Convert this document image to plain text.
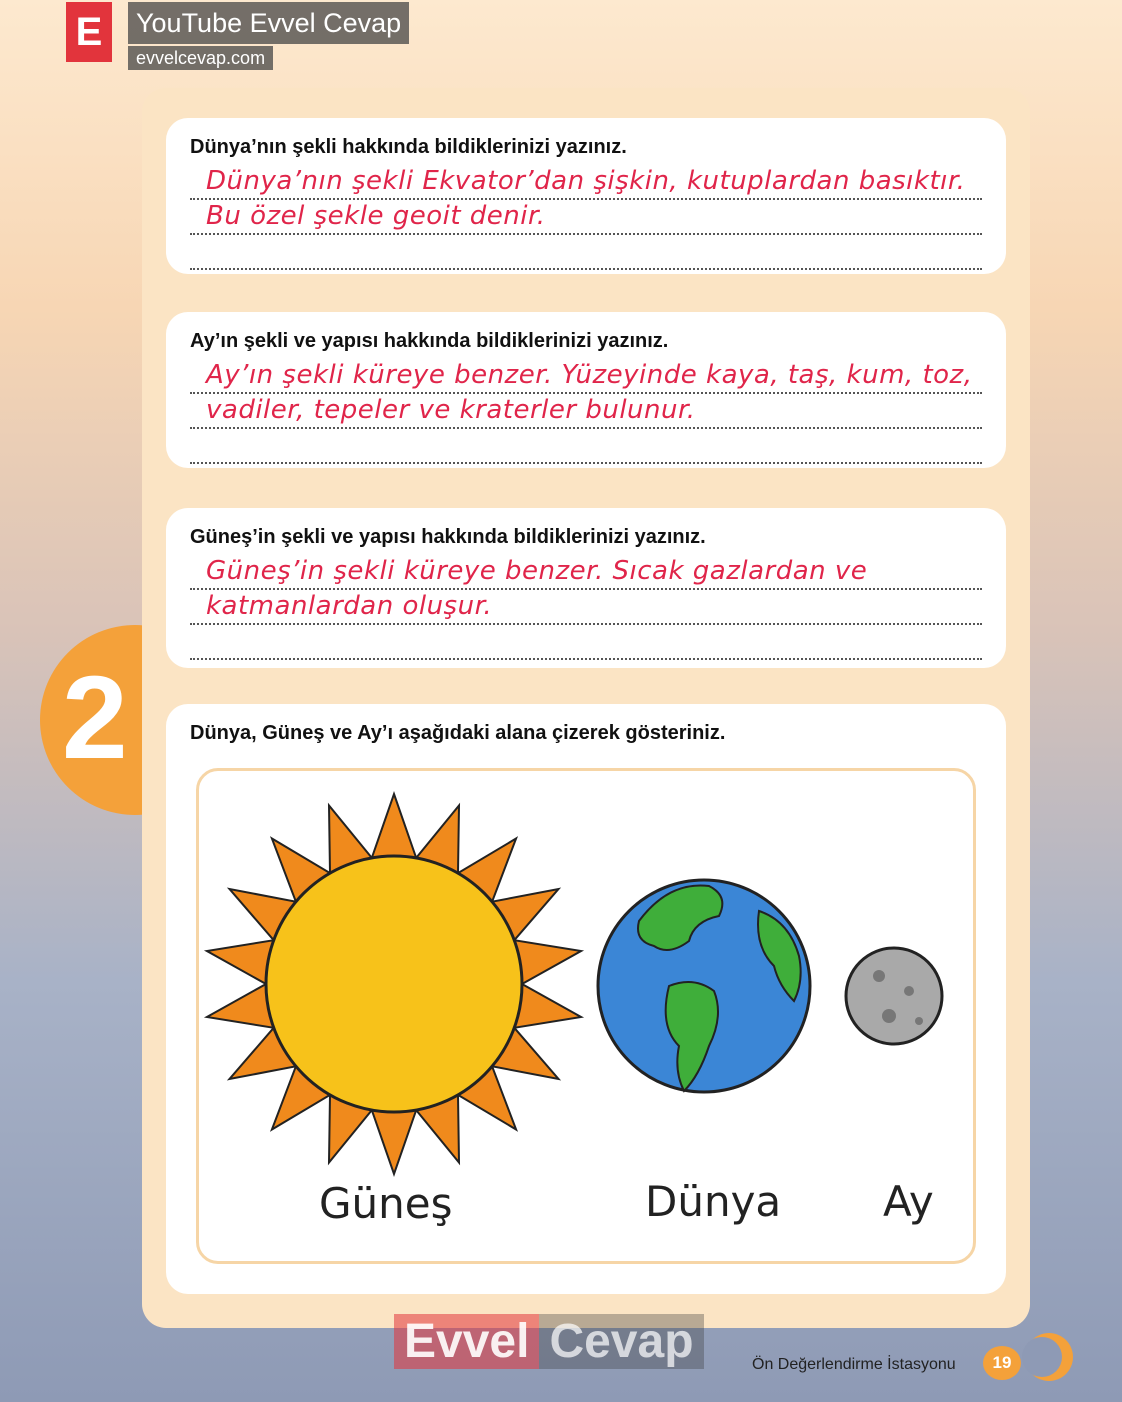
E	YouTube Evvel Cevap
evvelcevap.com
2
Dünya’nın şekli hakkında bildiklerinizi yazınız.
Dünya’nın şekli Ekvator’dan şişkin, kutuplardan basıktır.
Bu özel şekle geoit denir.
Ay’ın şekli ve yapısı hakkında bildiklerinizi yazınız.
Ay’ın şekli küreye benzer. Yüzeyinde kaya, taş, kum, toz,
vadiler, tepeler ve kraterler bulunur.
Güneş’in şekli ve yapısı hakkında bildiklerinizi yazınız.
Güneş’in şekli küreye benzer. Sıcak gazlardan ve
katmanlardan oluşur.
Dünya, Güneş ve Ay’ı aşağıdaki alana çizerek gösteriniz.
Güneş	Dünya Ay
Evvel Cevap	Ön Değerlendirme İstasyonu	19
